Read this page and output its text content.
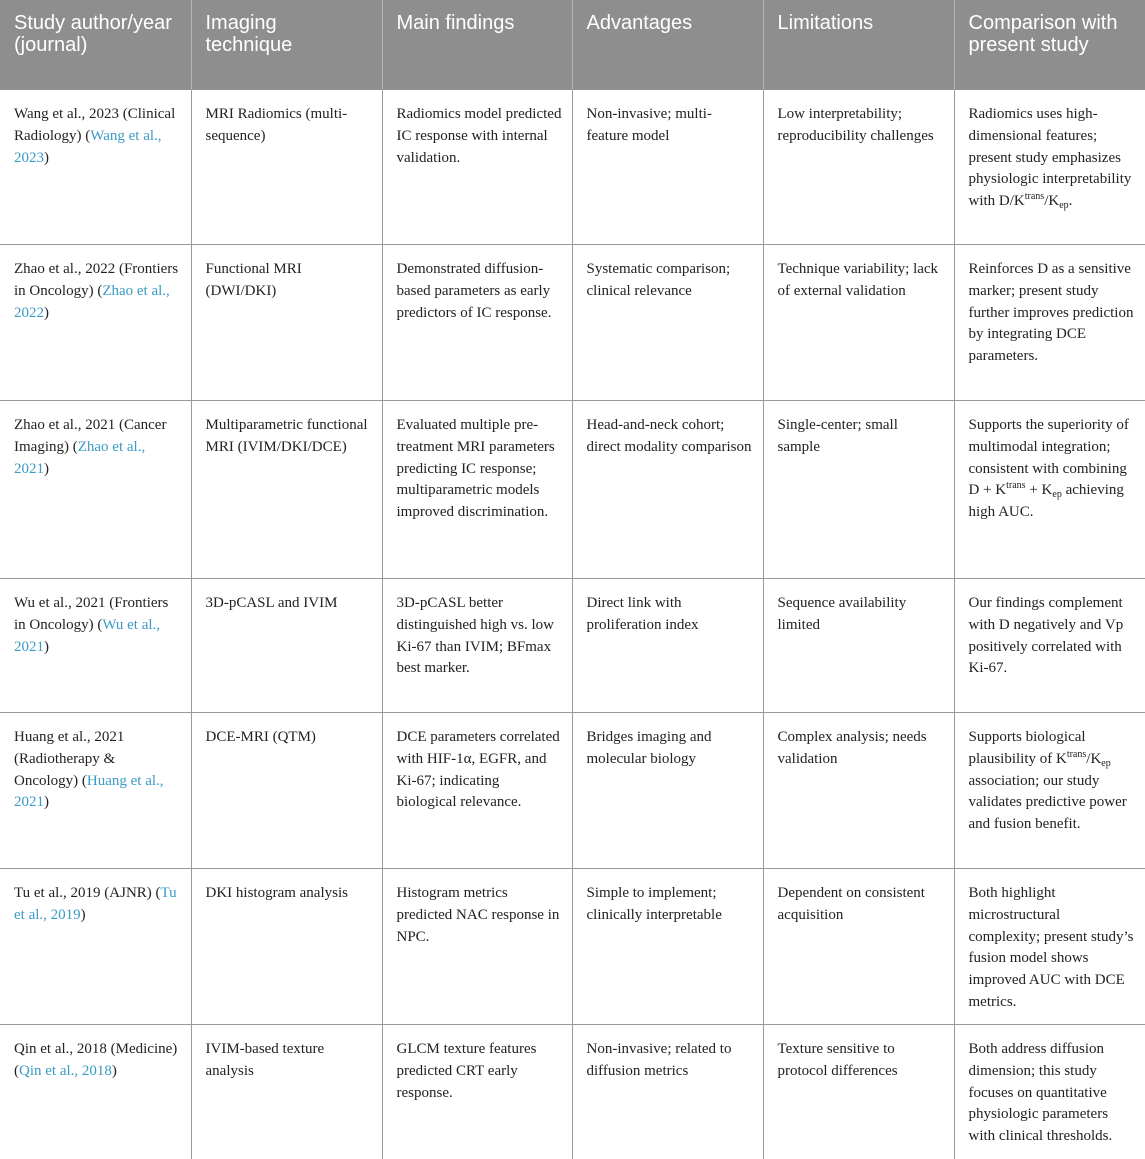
Study author/year (journal)	Imaging technique	Main findings	Advantages	Limitations	Comparison with present study
Wang et al., 2023 (Clinical Radiology) (Wang et al., 2023)	MRI Radiomics (multi-sequence)	Radiomics model predicted IC response with internal validation.	Non-invasive; multi-feature model	Low interpretability; reproducibility challenges	Radiomics uses high-dimensional features; present study emphasizes physiologic interpretability with $D/K^{trans}/K_{ep}$.
Zhao et al., 2022 (Frontiers in Oncology) (Zhao et al., 2022)	Functional MRI (DWI/DKI)	Demonstrated diffusion-based parameters as early predictors of IC response.	Systematic comparison; clinical relevance	Technique variability; lack of external validation	Reinforces D as a sensitive marker; present study further improves prediction by integrating DCE parameters.
Zhao et al., 2021 (Cancer Imaging) (Zhao et al., 2021)	Multiparametric functional MRI (IVIM/DKI/DCE)	Evaluated multiple pre-treatment MRI parameters predicting IC response; multiparametric models improved discrimination.	Head-and-neck cohort; direct modality comparison	Single-center; small sample	Supports the superiority of multimodal integration; consistent with combining $D + K^{trans} + K_{ep}$ achieving high AUC.
Wu et al., 2021 (Frontiers in Oncology) (Wu et al., 2021)	3D-pCASL and IVIM	3D-pCASL better distinguished high vs. low Ki-67 than IVIM; BFmax best marker.	Direct link with proliferation index	Sequence availability limited	Our findings complement with D negatively and Vp positively correlated with Ki-67.
Huang et al., 2021 (Radiotherapy & Oncology) (Huang et al., 2021)	DCE-MRI (QTM)	DCE parameters correlated with HIF-1α, EGFR, and Ki-67; indicating biological relevance.	Bridges imaging and molecular biology	Complex analysis; needs validation	Supports biological plausibility of $K^{trans}/K_{ep}$ association; our study validates predictive power and fusion benefit.
Tu et al., 2019 (AJNR) (Tu et al., 2019)	DKI histogram analysis	Histogram metrics predicted NAC response in NPC.	Simple to implement; clinically interpretable	Dependent on consistent acquisition	Both highlight microstructural complexity; present study’s fusion model shows improved AUC with DCE metrics.
Qin et al., 2018 (Medicine) (Qin et al., 2018)	IVIM-based texture analysis	GLCM texture features predicted CRT early response.	Non-invasive; related to diffusion metrics	Texture sensitive to protocol differences	Both address diffusion dimension; this study focuses on quantitative physiologic parameters with clinical thresholds.
